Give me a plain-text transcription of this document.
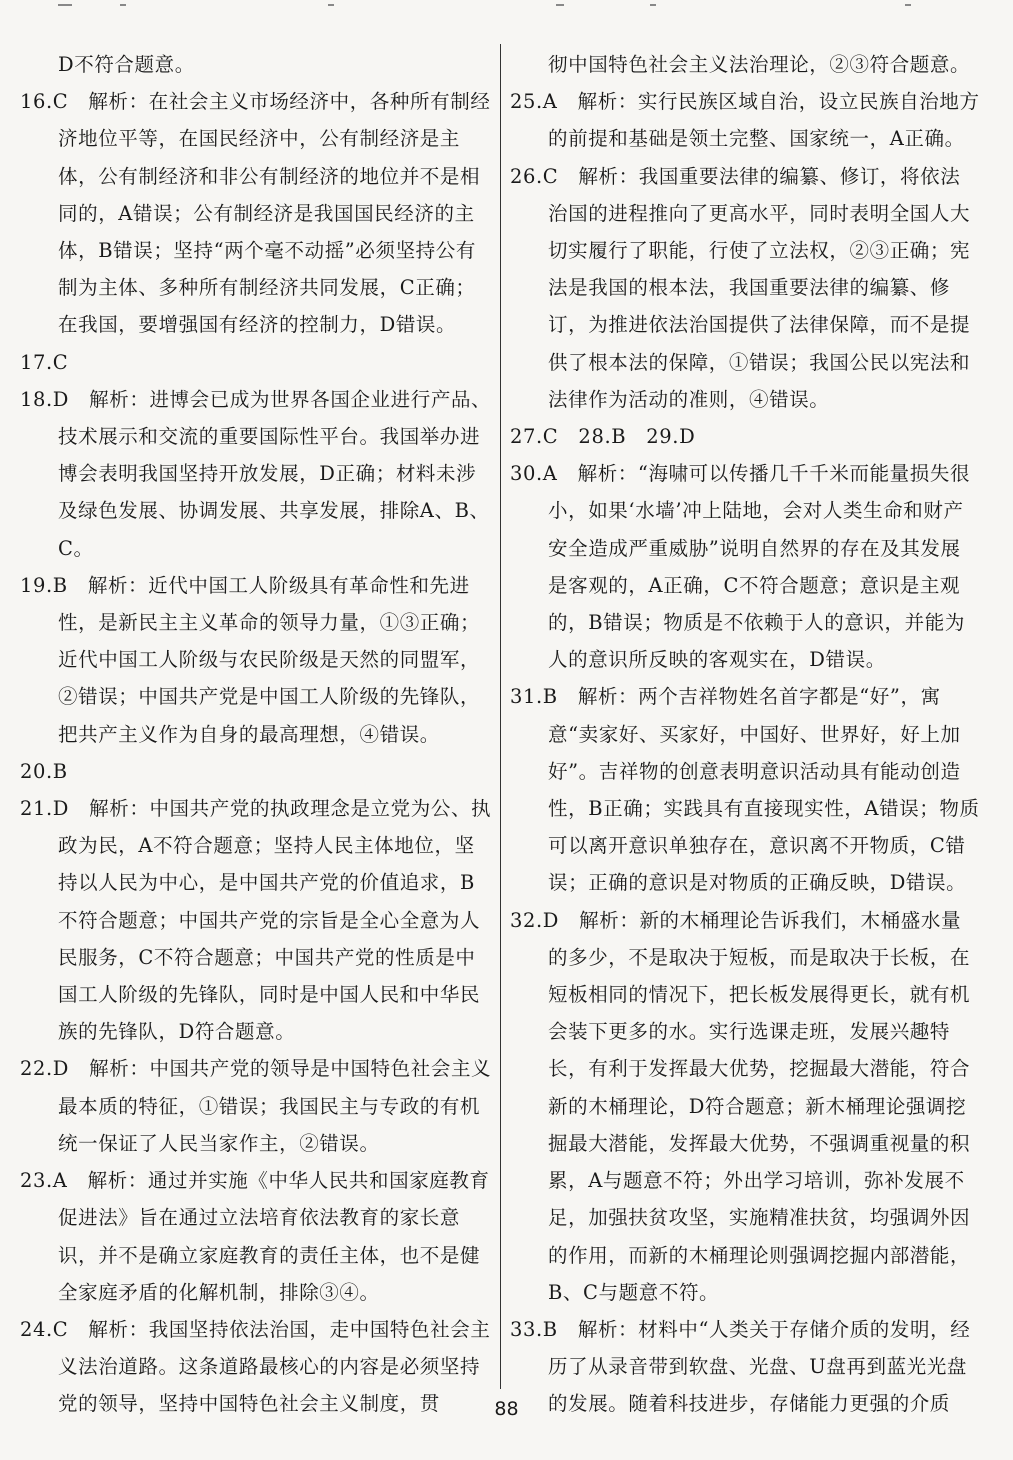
D不符合题意。

16.C　解析：在社会主义市场经济中，各种所有制经济地位平等，在国民经济中，公有制经济是主体，公有制经济和非公有制经济的地位并不是相同的，A错误；公有制经济是我国国民经济的主体，B错误；坚持“两个毫不动摇”必须坚持公有制为主体、多种所有制经济共同发展，C正确；在我国，要增强国有经济的控制力，D错误。

17.C

18.D　解析：进博会已成为世界各国企业进行产品、技术展示和交流的重要国际性平台。我国举办进博会表明我国坚持开放发展，D正确；材料未涉及绿色发展、协调发展、共享发展，排除A、B、C。

19.B　解析：近代中国工人阶级具有革命性和先进性，是新民主主义革命的领导力量，①③正确；近代中国工人阶级与农民阶级是天然的同盟军，②错误；中国共产党是中国工人阶级的先锋队，把共产主义作为自身的最高理想，④错误。

20.B

21.D　解析：中国共产党的执政理念是立党为公、执政为民，A不符合题意；坚持人民主体地位，坚持以人民为中心，是中国共产党的价值追求，B不符合题意；中国共产党的宗旨是全心全意为人民服务，C不符合题意；中国共产党的性质是中国工人阶级的先锋队，同时是中国人民和中华民族的先锋队，D符合题意。

22.D　解析：中国共产党的领导是中国特色社会主义最本质的特征，①错误；我国民主与专政的有机统一保证了人民当家作主，②错误。

23.A　解析：通过并实施《中华人民共和国家庭教育促进法》旨在通过立法培育依法教育的家长意识，并不是确立家庭教育的责任主体，也不是健全家庭矛盾的化解机制，排除③④。

24.C　解析：我国坚持依法治国，走中国特色社会主义法治道路。这条道路最核心的内容是必须坚持党的领导，坚持中国特色社会主义制度，贯

彻中国特色社会主义法治理论，②③符合题意。

25.A　解析：实行民族区域自治，设立民族自治地方的前提和基础是领土完整、国家统一，A正确。

26.C　解析：我国重要法律的编纂、修订，将依法治国的进程推向了更高水平，同时表明全国人大切实履行了职能，行使了立法权，②③正确；宪法是我国的根本法，我国重要法律的编纂、修订，为推进依法治国提供了法律保障，而不是提供了根本法的保障，①错误；我国公民以宪法和法律作为活动的准则，④错误。

27.C　28.B　29.D

30.A　解析：“海啸可以传播几千千米而能量损失很小，如果‘水墙’冲上陆地，会对人类生命和财产安全造成严重威胁”说明自然界的存在及其发展是客观的，A正确，C不符合题意；意识是主观的，B错误；物质是不依赖于人的意识，并能为人的意识所反映的客观实在，D错误。

31.B　解析：两个吉祥物姓名首字都是“好”，寓意“卖家好、买家好，中国好、世界好，好上加好”。吉祥物的创意表明意识活动具有能动创造性，B正确；实践具有直接现实性，A错误；物质可以离开意识单独存在，意识离不开物质，C错误；正确的意识是对物质的正确反映，D错误。

32.D　解析：新的木桶理论告诉我们，木桶盛水量的多少，不是取决于短板，而是取决于长板，在短板相同的情况下，把长板发展得更长，就有机会装下更多的水。实行选课走班，发展兴趣特长，有利于发挥最大优势，挖掘最大潜能，符合新的木桶理论，D符合题意；新木桶理论强调挖掘最大潜能，发挥最大优势，不强调重视量的积累，A与题意不符；外出学习培训，弥补发展不足，加强扶贫攻坚，实施精准扶贫，均强调外因的作用，而新的木桶理论则强调挖掘内部潜能，B、C与题意不符。

33.B　解析：材料中“人类关于存储介质的发明，经历了从录音带到软盘、光盘、U盘再到蓝光光盘的发展。随着科技进步，存储能力更强的介质

88
